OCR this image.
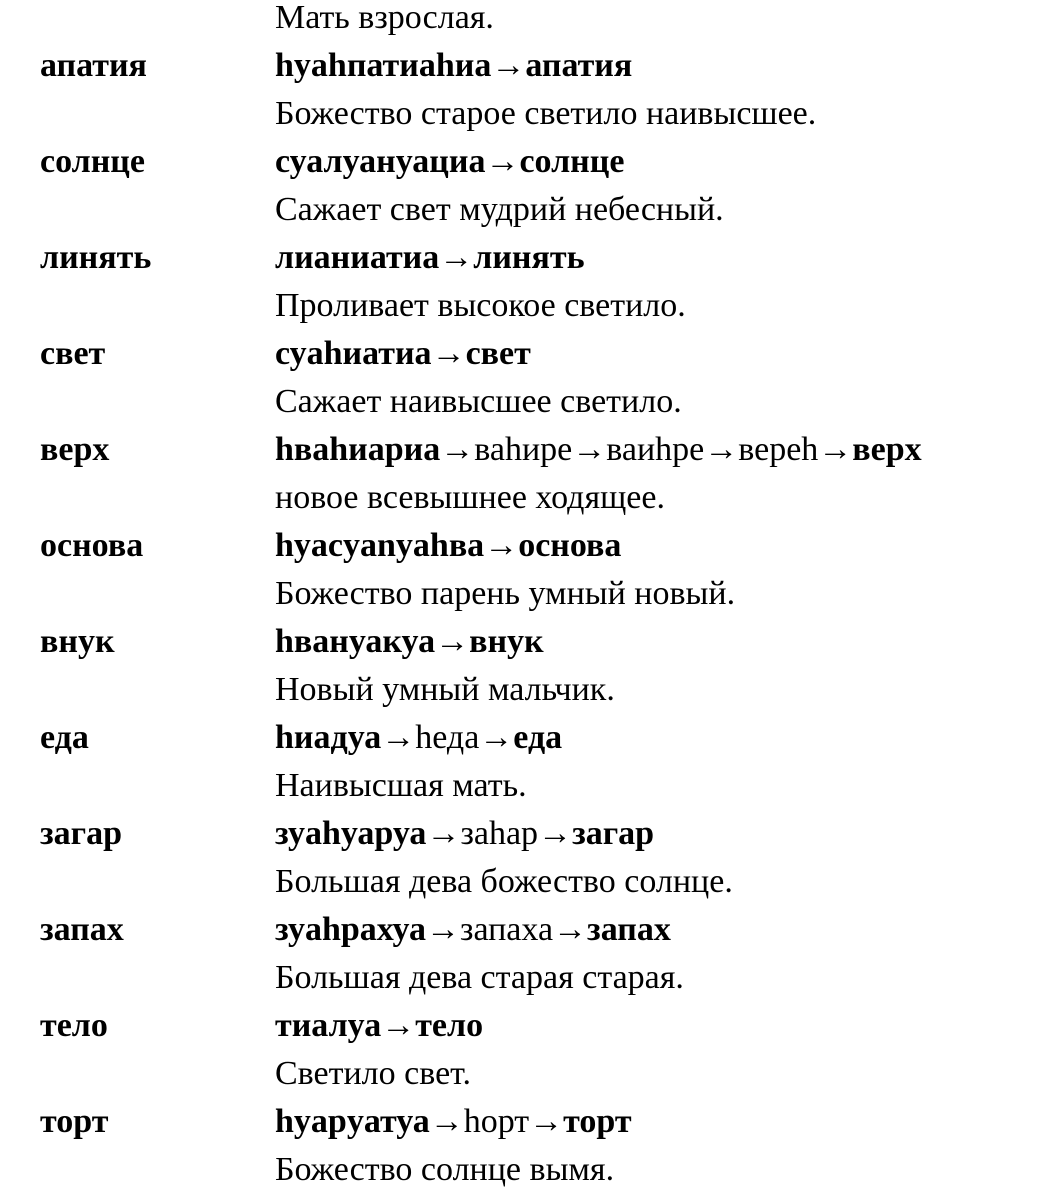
Мать взрослая.
апатия	hyahпатиahиа→апатия
Божество старое светило наивысшее.
солнце	суалуануациа→солнце
Сажает свет мудрий небесный.
линять	лианиатиа→линять
Проливает высокое светило.
свет	суahиатиа→свет
Сажает наивысшее светило.
верх	hваhиариа→ваhирe→ваиhрe→верeh→верх
новое всевышнее ходящее.
основа	hyacyanyahва→основа
Божество парень умный новый.
внук	hвануакуа→внук
Новый умный мальчик.
еда	hиадуа→hеда→еда
Наивысшая мать.
загар	зуahуаруа→заhар→загар
Большая дева божество солнце.
запах	зуahрахуа→запаха→запах
Большая дева старая старая.
тело	тиалуа→тело
Светило свет.
торт	hyapyатуа→hорт→торт
Божество солнце вымя.
